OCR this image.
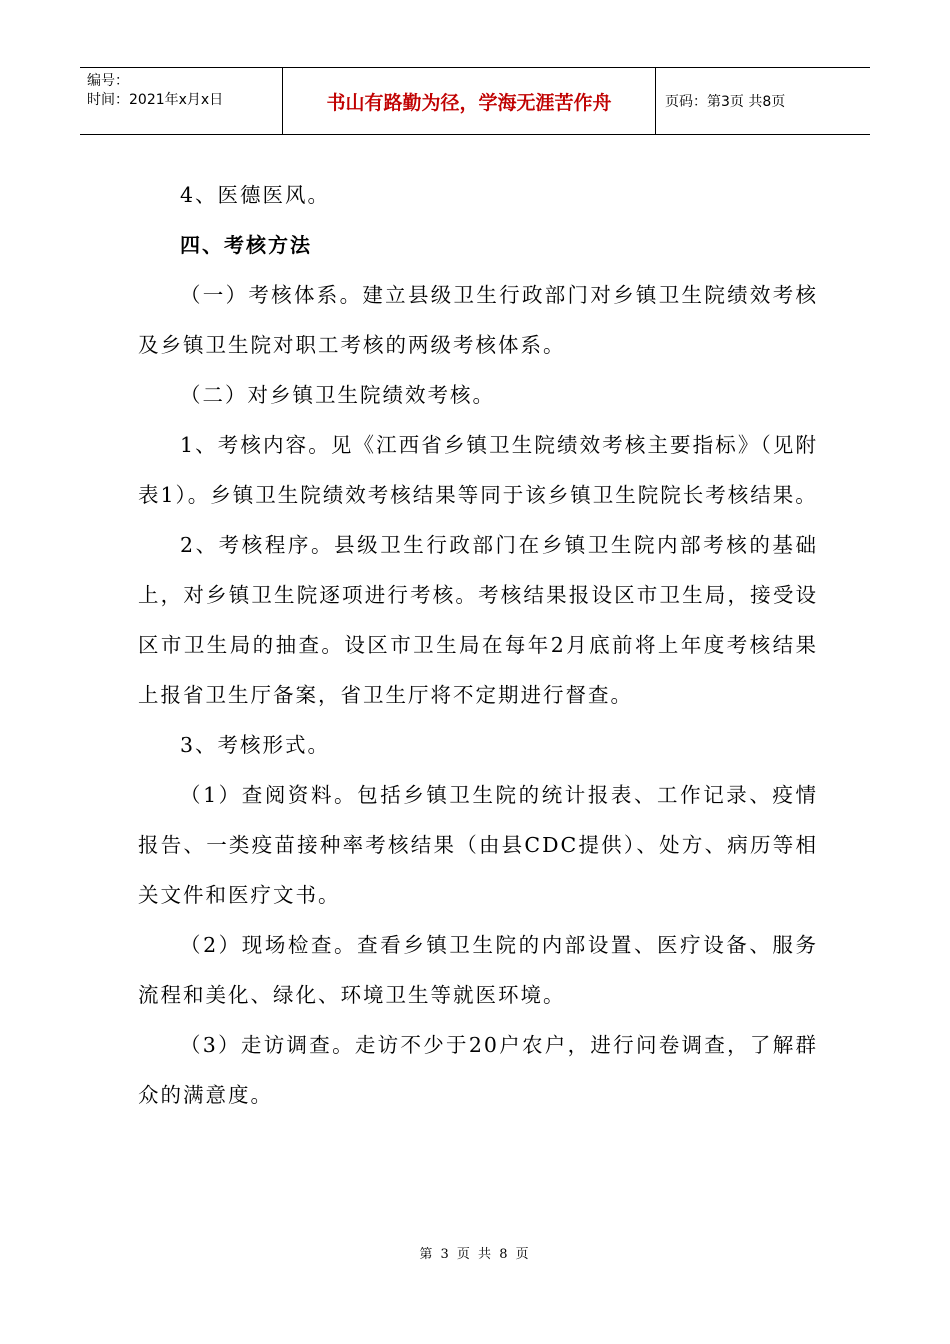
编号：
时间：2021年x月x日	书山有路勤为径，学海无涯苦作舟	页码：第3页 共8页

4、医德医风。

四、考核方法

（一）考核体系。建立县级卫生行政部门对乡镇卫生院绩效考核及乡镇卫生院对职工考核的两级考核体系。

（二）对乡镇卫生院绩效考核。

1、考核内容。见《江西省乡镇卫生院绩效考核主要指标》（见附表1）。乡镇卫生院绩效考核结果等同于该乡镇卫生院院长考核结果。

2、考核程序。县级卫生行政部门在乡镇卫生院内部考核的基础上，对乡镇卫生院逐项进行考核。考核结果报设区市卫生局，接受设区市卫生局的抽查。设区市卫生局在每年2月底前将上年度考核结果上报省卫生厅备案，省卫生厅将不定期进行督查。

3、考核形式。

（1）查阅资料。包括乡镇卫生院的统计报表、工作记录、疫情报告、一类疫苗接种率考核结果（由县CDC提供）、处方、病历等相关文件和医疗文书。

（2）现场检查。查看乡镇卫生院的内部设置、医疗设备、服务流程和美化、绿化、环境卫生等就医环境。

（3）走访调查。走访不少于20户农户，进行问卷调查，了解群众的满意度。

第 3 页 共 8 页
